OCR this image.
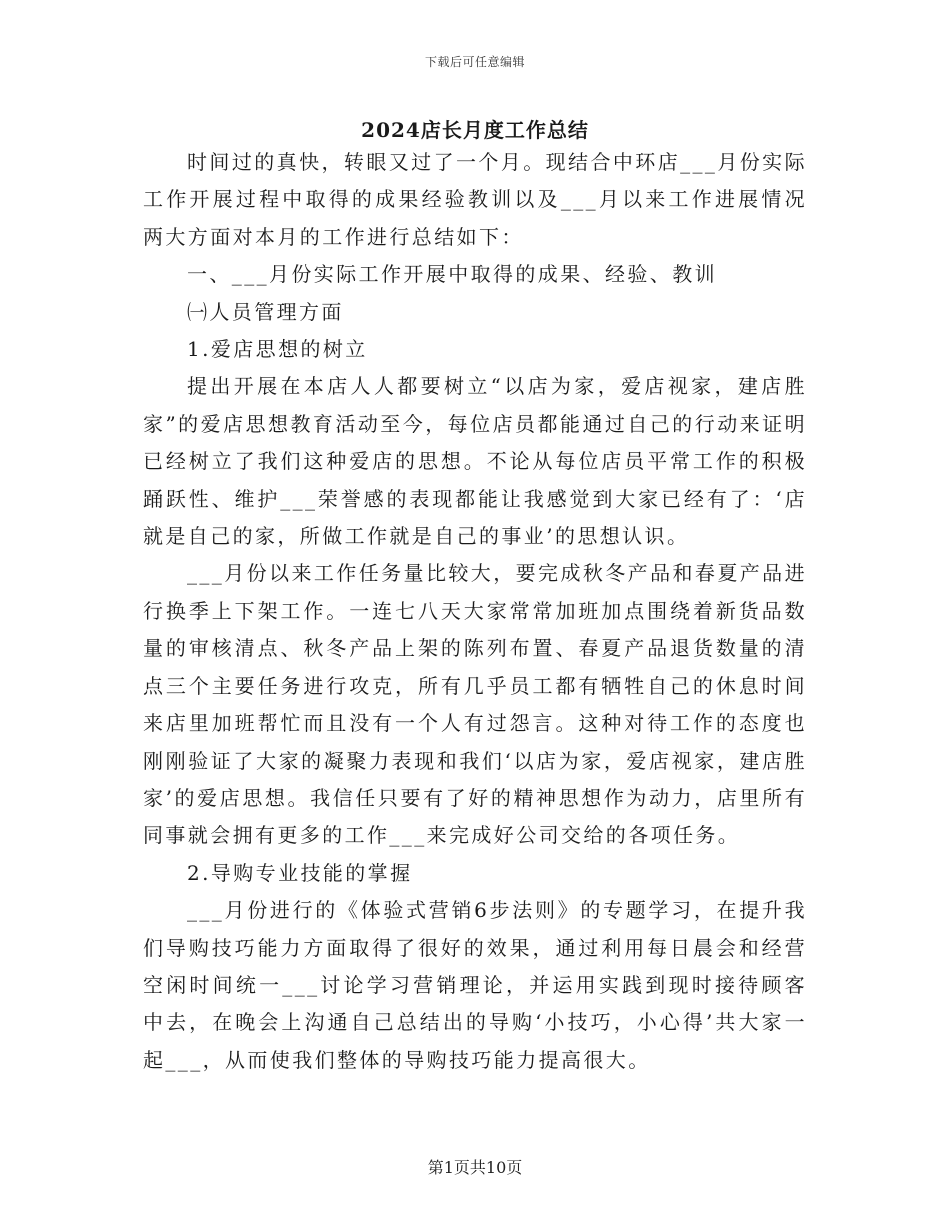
下载后可任意编辑
2024店长月度工作总结

时间过的真快，转眼又过了一个月。现结合中环店___月份实际工作开展过程中取得的成果经验教训以及___月以来工作进展情况两大方面对本月的工作进行总结如下：

一、___月份实际工作开展中取得的成果、经验、教训

㈠人员管理方面

1.爱店思想的树立

提出开展在本店人人都要树立“以店为家，爱店视家，建店胜家”的爱店思想教育活动至今，每位店员都能通过自己的行动来证明已经树立了我们这种爱店的思想。不论从每位店员平常工作的积极踊跃性、维护___荣誉感的表现都能让我感觉到大家已经有了：‘店就是自己的家，所做工作就是自己的事业’的思想认识。

___月份以来工作任务量比较大，要完成秋冬产品和春夏产品进行换季上下架工作。一连七八天大家常常加班加点围绕着新货品数量的审核清点、秋冬产品上架的陈列布置、春夏产品退货数量的清点三个主要任务进行攻克，所有几乎员工都有牺牲自己的休息时间来店里加班帮忙而且没有一个人有过怨言。这种对待工作的态度也刚刚验证了大家的凝聚力表现和我们‘以店为家，爱店视家，建店胜家’的爱店思想。我信任只要有了好的精神思想作为动力，店里所有同事就会拥有更多的工作___来完成好公司交给的各项任务。

2.导购专业技能的掌握

___月份进行的《体验式营销6步法则》的专题学习，在提升我们导购技巧能力方面取得了很好的效果，通过利用每日晨会和经营空闲时间统一___讨论学习营销理论，并运用实践到现时接待顾客中去，在晚会上沟通自己总结出的导购‘小技巧，小心得’共大家一起___，从而使我们整体的导购技巧能力提高很大。

第1页共10页
